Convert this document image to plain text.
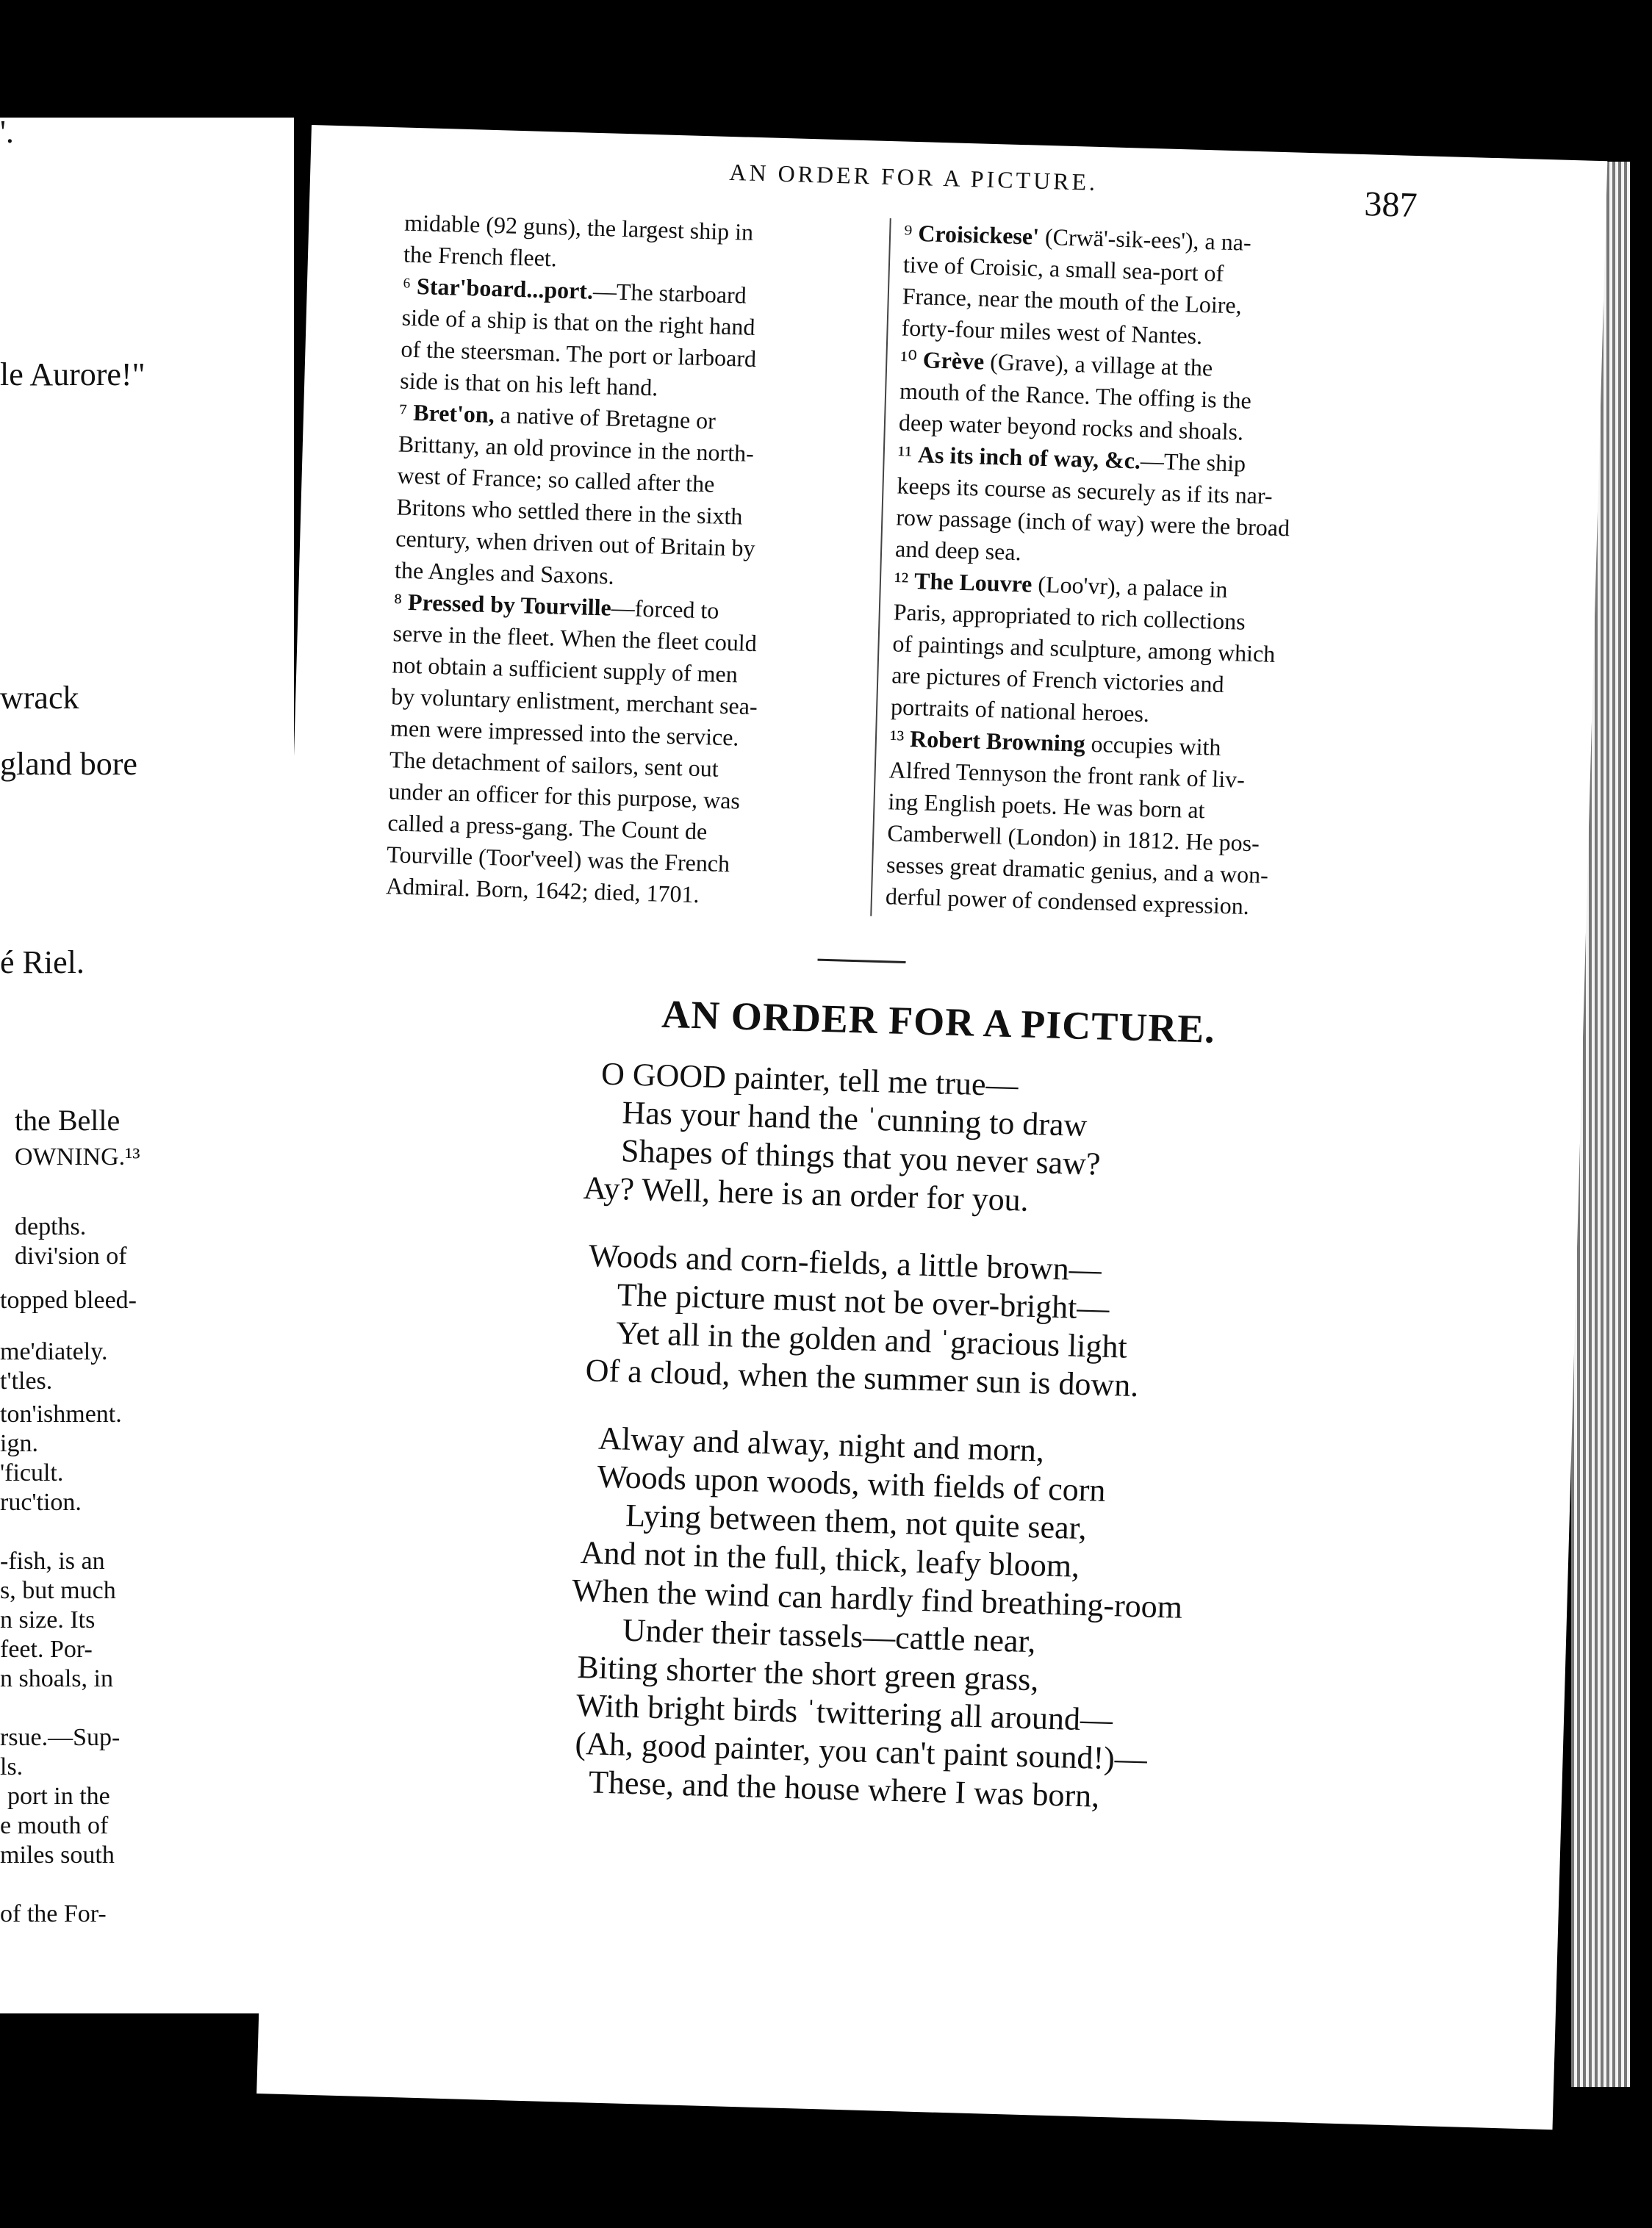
'.
le Aurore!"
wrack
gland bore
é Riel.
the Belle
OWNING.¹³
depths.
divi'sion of
topped bleed-
me'diately.
t'tles.
ton'ishment.
ign.
'ficult.
ruc'tion.
-fish, is an
s, but much
n size. Its
feet. Por-
n shoals, in
rsue.—Sup-
ls.
port in the
e mouth of
miles south
of the For-
AN ORDER FOR A PICTURE.
387
midable (92 guns), the largest ship in
the French fleet.
⁶ Star'board...port.—The starboard
side of a ship is that on the right hand
of the steersman. The port or larboard
side is that on his left hand.
⁷ Bret'on, a native of Bretagne or
Brittany, an old province in the north-
west of France; so called after the
Britons who settled there in the sixth
century, when driven out of Britain by
the Angles and Saxons.
⁸ Pressed by Tourville—forced to
serve in the fleet. When the fleet could
not obtain a sufficient supply of men
by voluntary enlistment, merchant sea-
men were impressed into the service.
The detachment of sailors, sent out
under an officer for this purpose, was
called a press-gang. The Count de
Tourville (Toor'veel) was the French
Admiral. Born, 1642; died, 1701.
⁹ Croisickese' (Crwä'-sik-ees'), a na-
tive of Croisic, a small sea-port of
France, near the mouth of the Loire,
forty-four miles west of Nantes.
¹⁰ Grève (Grave), a village at the
mouth of the Rance. The offing is the
deep water beyond rocks and shoals.
¹¹ As its inch of way, &c.—The ship
keeps its course as securely as if its nar-
row passage (inch of way) were the broad
and deep sea.
¹² The Louvre (Loo'vr), a palace in
Paris, appropriated to rich collections
of paintings and sculpture, among which
are pictures of French victories and
portraits of national heroes.
¹³ Robert Browning occupies with
Alfred Tennyson the front rank of liv-
ing English poets. He was born at
Camberwell (London) in 1812. He pos-
sesses great dramatic genius, and a won-
derful power of condensed expression.
AN ORDER FOR A PICTURE.
O GOOD painter, tell me true—
Has your hand the ˈcunning to draw
Shapes of things that you never saw?
Ay? Well, here is an order for you.
Woods and corn-fields, a little brown—
The picture must not be over-bright—
Yet all in the golden and ˈgracious light
Of a cloud, when the summer sun is down.
Alway and alway, night and morn,
Woods upon woods, with fields of corn
Lying between them, not quite sear,
And not in the full, thick, leafy bloom,
When the wind can hardly find breathing-room
Under their tassels—cattle near,
Biting shorter the short green grass,
With bright birds ˈtwittering all around—
(Ah, good painter, you can't paint sound!)—
These, and the house where I was born,
